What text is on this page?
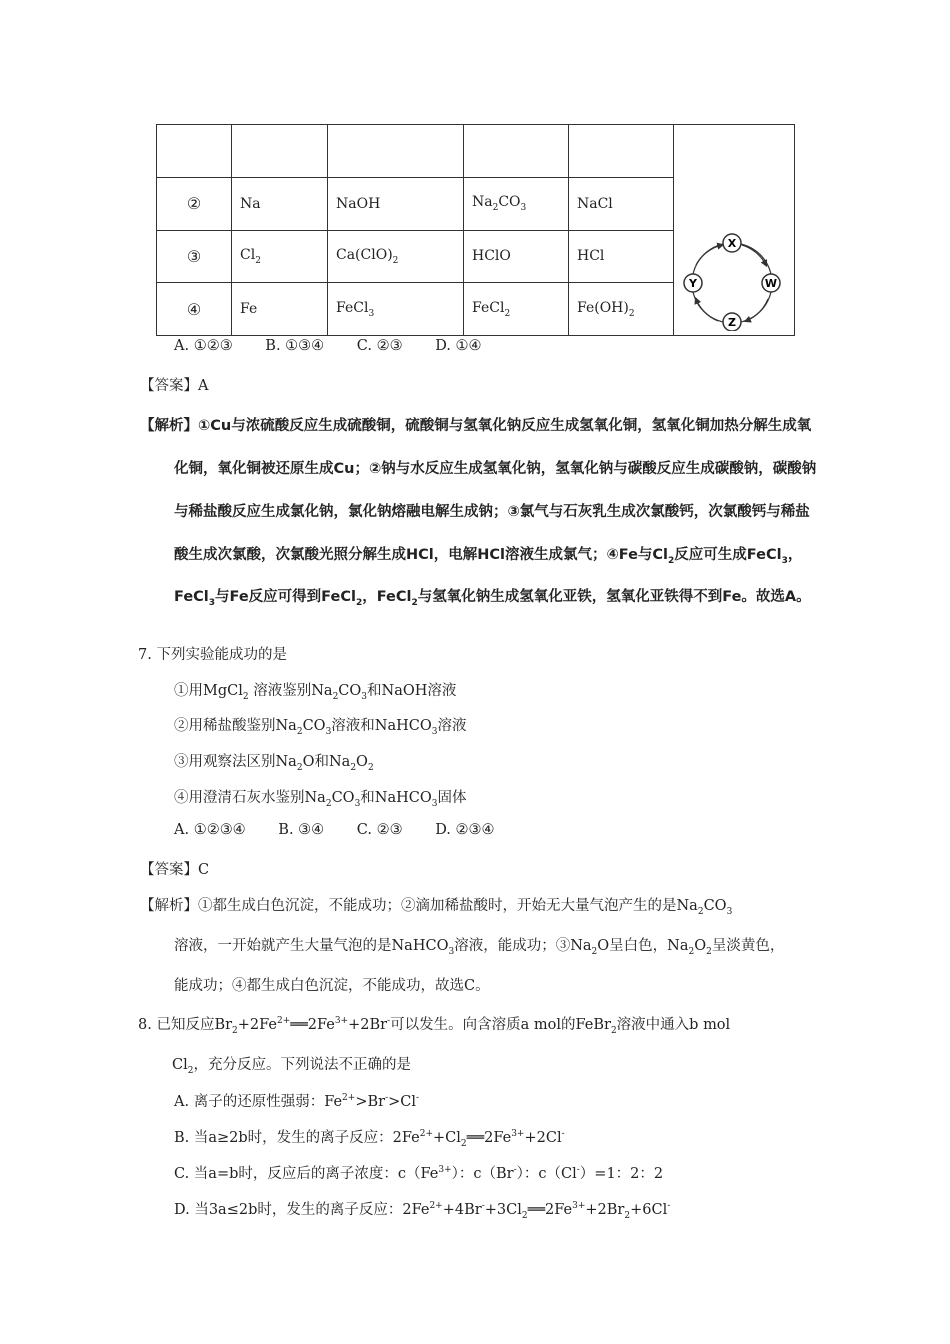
X
W
Z
Y

②	Na	NaOH	$Na_2CO_3$	NaCl	
③	$Cl_2$	$Ca(ClO)_2$	HClO	HCl	
④	Fe	FeCl$_3$	FeCl$_2$	$Fe(OH)_2$
A. ①②③ B. ①③④ C. ②③ D. ①④
【答案】A
【解析】①Cu与浓硫酸反应生成硫酸铜，硫酸铜与氢氧化钠反应生成氢氧化铜，氢氧化铜加热分解生成氧
化铜，氧化铜被还原生成Cu；②钠与水反应生成氢氧化钠，氢氧化钠与碳酸反应生成碳酸钠，碳酸钠
与稀盐酸反应生成氯化钠，氯化钠熔融电解生成钠；③氯气与石灰乳生成次氯酸钙，次氯酸钙与稀盐
酸生成次氯酸，次氯酸光照分解生成HCl，电解HCl溶液生成氯气；④Fe与$Cl_2$反应可生成FeCl$_3$，
FeCl$_3$与Fe反应可得到FeCl$_2$，FeCl$_2$与氢氧化钠生成氢氧化亚铁，氢氧化亚铁得不到Fe。故选A。
7. 下列实验能成功的是
①用MgCl$_2$ 溶液鉴别$Na_2CO_3$和NaOH溶液
②用稀盐酸鉴别$Na_2CO_3$溶液和NaHCO$_3$溶液
③用观察法区别$Na_2O$和$Na_2O_2$
④用澄清石灰水鉴别$Na_2CO_3$和NaHCO$_3$固体
A. ①②③④ B. ③④ C. ②③ D. ②③④
【答案】C
【解析】①都生成白色沉淀，不能成功；②滴加稀盐酸时，开始无大量气泡产生的是$Na_2CO_3$
溶液，一开始就产生大量气泡的是NaHCO$_3$溶液，能成功；$③Na_2O$呈白色，$Na_2O_2$呈淡黄色，
能成功；④都生成白色沉淀，不能成功，故选C。
8. 已知反应$Br_2+2Fe^{2+}══2Fe^{3+}+2Br^-$可以发生。向含溶质a mol的FeBr$_2$溶液中通入b mol
$Cl_2$，充分反应。下列说法不正确的是
A. 离子的还原性强弱：$Fe^{2+}>Br^->Cl^-$
B. 当a≥2b时，发生的离子反应：$2Fe^{2+}+Cl_2══2Fe^{3+}+2Cl^-$
C. 当a=b时，反应后的离子浓度：$c(Fe^{3+})$：c（Br-）：c（Cl-）=1：2：2
D. 当3a≤2b时，发生的离子反应：$2Fe^{2+}+4Br^-+3Cl_2══2Fe^{3+}+2Br_2+6Cl^-$
